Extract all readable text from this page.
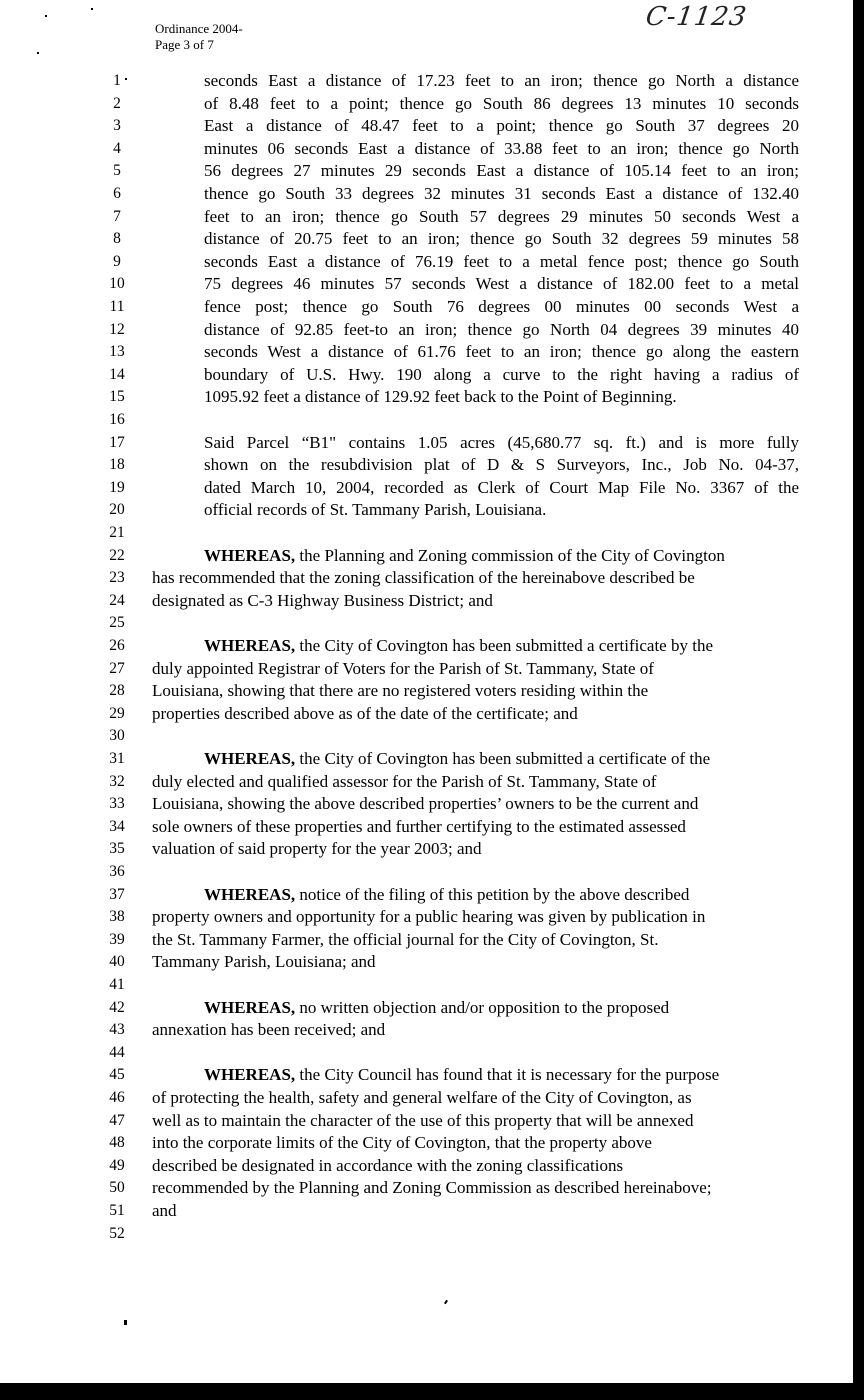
Ordinance 2004-
Page 3 of 7
C-1123
1	seconds East a distance of 17.23 feet to an iron; thence go North a distance
2	of 8.48 feet to a point; thence go South 86 degrees 13 minutes 10 seconds
3	East a distance of 48.47 feet to a point; thence go South 37 degrees 20
4	minutes 06 seconds East a distance of 33.88 feet to an iron; thence go North
5	56 degrees 27 minutes 29 seconds East a distance of 105.14 feet to an iron;
6	thence go South 33 degrees 32 minutes 31 seconds East a distance of 132.40
7	feet to an iron; thence go South 57 degrees 29 minutes 50 seconds West a
8	distance of 20.75 feet to an iron; thence go South 32 degrees 59 minutes 58
9	seconds East a distance of 76.19 feet to a metal fence post; thence go South
10	75 degrees 46 minutes 57 seconds West a distance of 182.00 feet to a metal
11	fence post; thence go South 76 degrees 00 minutes 00 seconds West a
12	distance of 92.85 feet-to an iron; thence go North 04 degrees 39 minutes 40
13	seconds West a distance of 61.76 feet to an iron; thence go along the eastern
14	boundary of U.S. Hwy. 190 along a curve to the right having a radius of
15	1095.92 feet a distance of 129.92 feet back to the Point of Beginning.
16
17	Said Parcel “B1" contains 1.05 acres (45,680.77 sq. ft.) and is more fully
18	shown on the resubdivision plat of D & S Surveyors, Inc., Job No. 04-37,
19	dated March 10, 2004, recorded as Clerk of Court Map File No. 3367 of the
20	official records of St. Tammany Parish, Louisiana.
21
22	WHEREAS, the Planning and Zoning commission of the City of Covington
23	has recommended that the zoning classification of the hereinabove described be
24	designated as C-3 Highway Business District; and
25
26	WHEREAS, the City of Covington has been submitted a certificate by the
27	duly appointed Registrar of Voters for the Parish of St. Tammany, State of
28	Louisiana, showing that there are no registered voters residing within the
29	properties described above as of the date of the certificate; and
30
31	WHEREAS, the City of Covington has been submitted a certificate of the
32	duly elected and qualified assessor for the Parish of St. Tammany, State of
33	Louisiana, showing the above described properties’ owners to be the current and
34	sole owners of these properties and further certifying to the estimated assessed
35	valuation of said property for the year 2003; and
36
37	WHEREAS, notice of the filing of this petition by the above described
38	property owners and opportunity for a public hearing was given by publication in
39	the St. Tammany Farmer, the official journal for the City of Covington, St.
40	Tammany Parish, Louisiana; and
41
42	WHEREAS, no written objection and/or opposition to the proposed
43	annexation has been received; and
44
45	WHEREAS, the City Council has found that it is necessary for the purpose
46	of protecting the health, safety and general welfare of the City of Covington, as
47	well as to maintain the character of the use of this property that will be annexed
48	into the corporate limits of the City of Covington, that the property above
49	described be designated in accordance with the zoning classifications
50	recommended by the Planning and Zoning Commission as described hereinabove;
51	and
52
